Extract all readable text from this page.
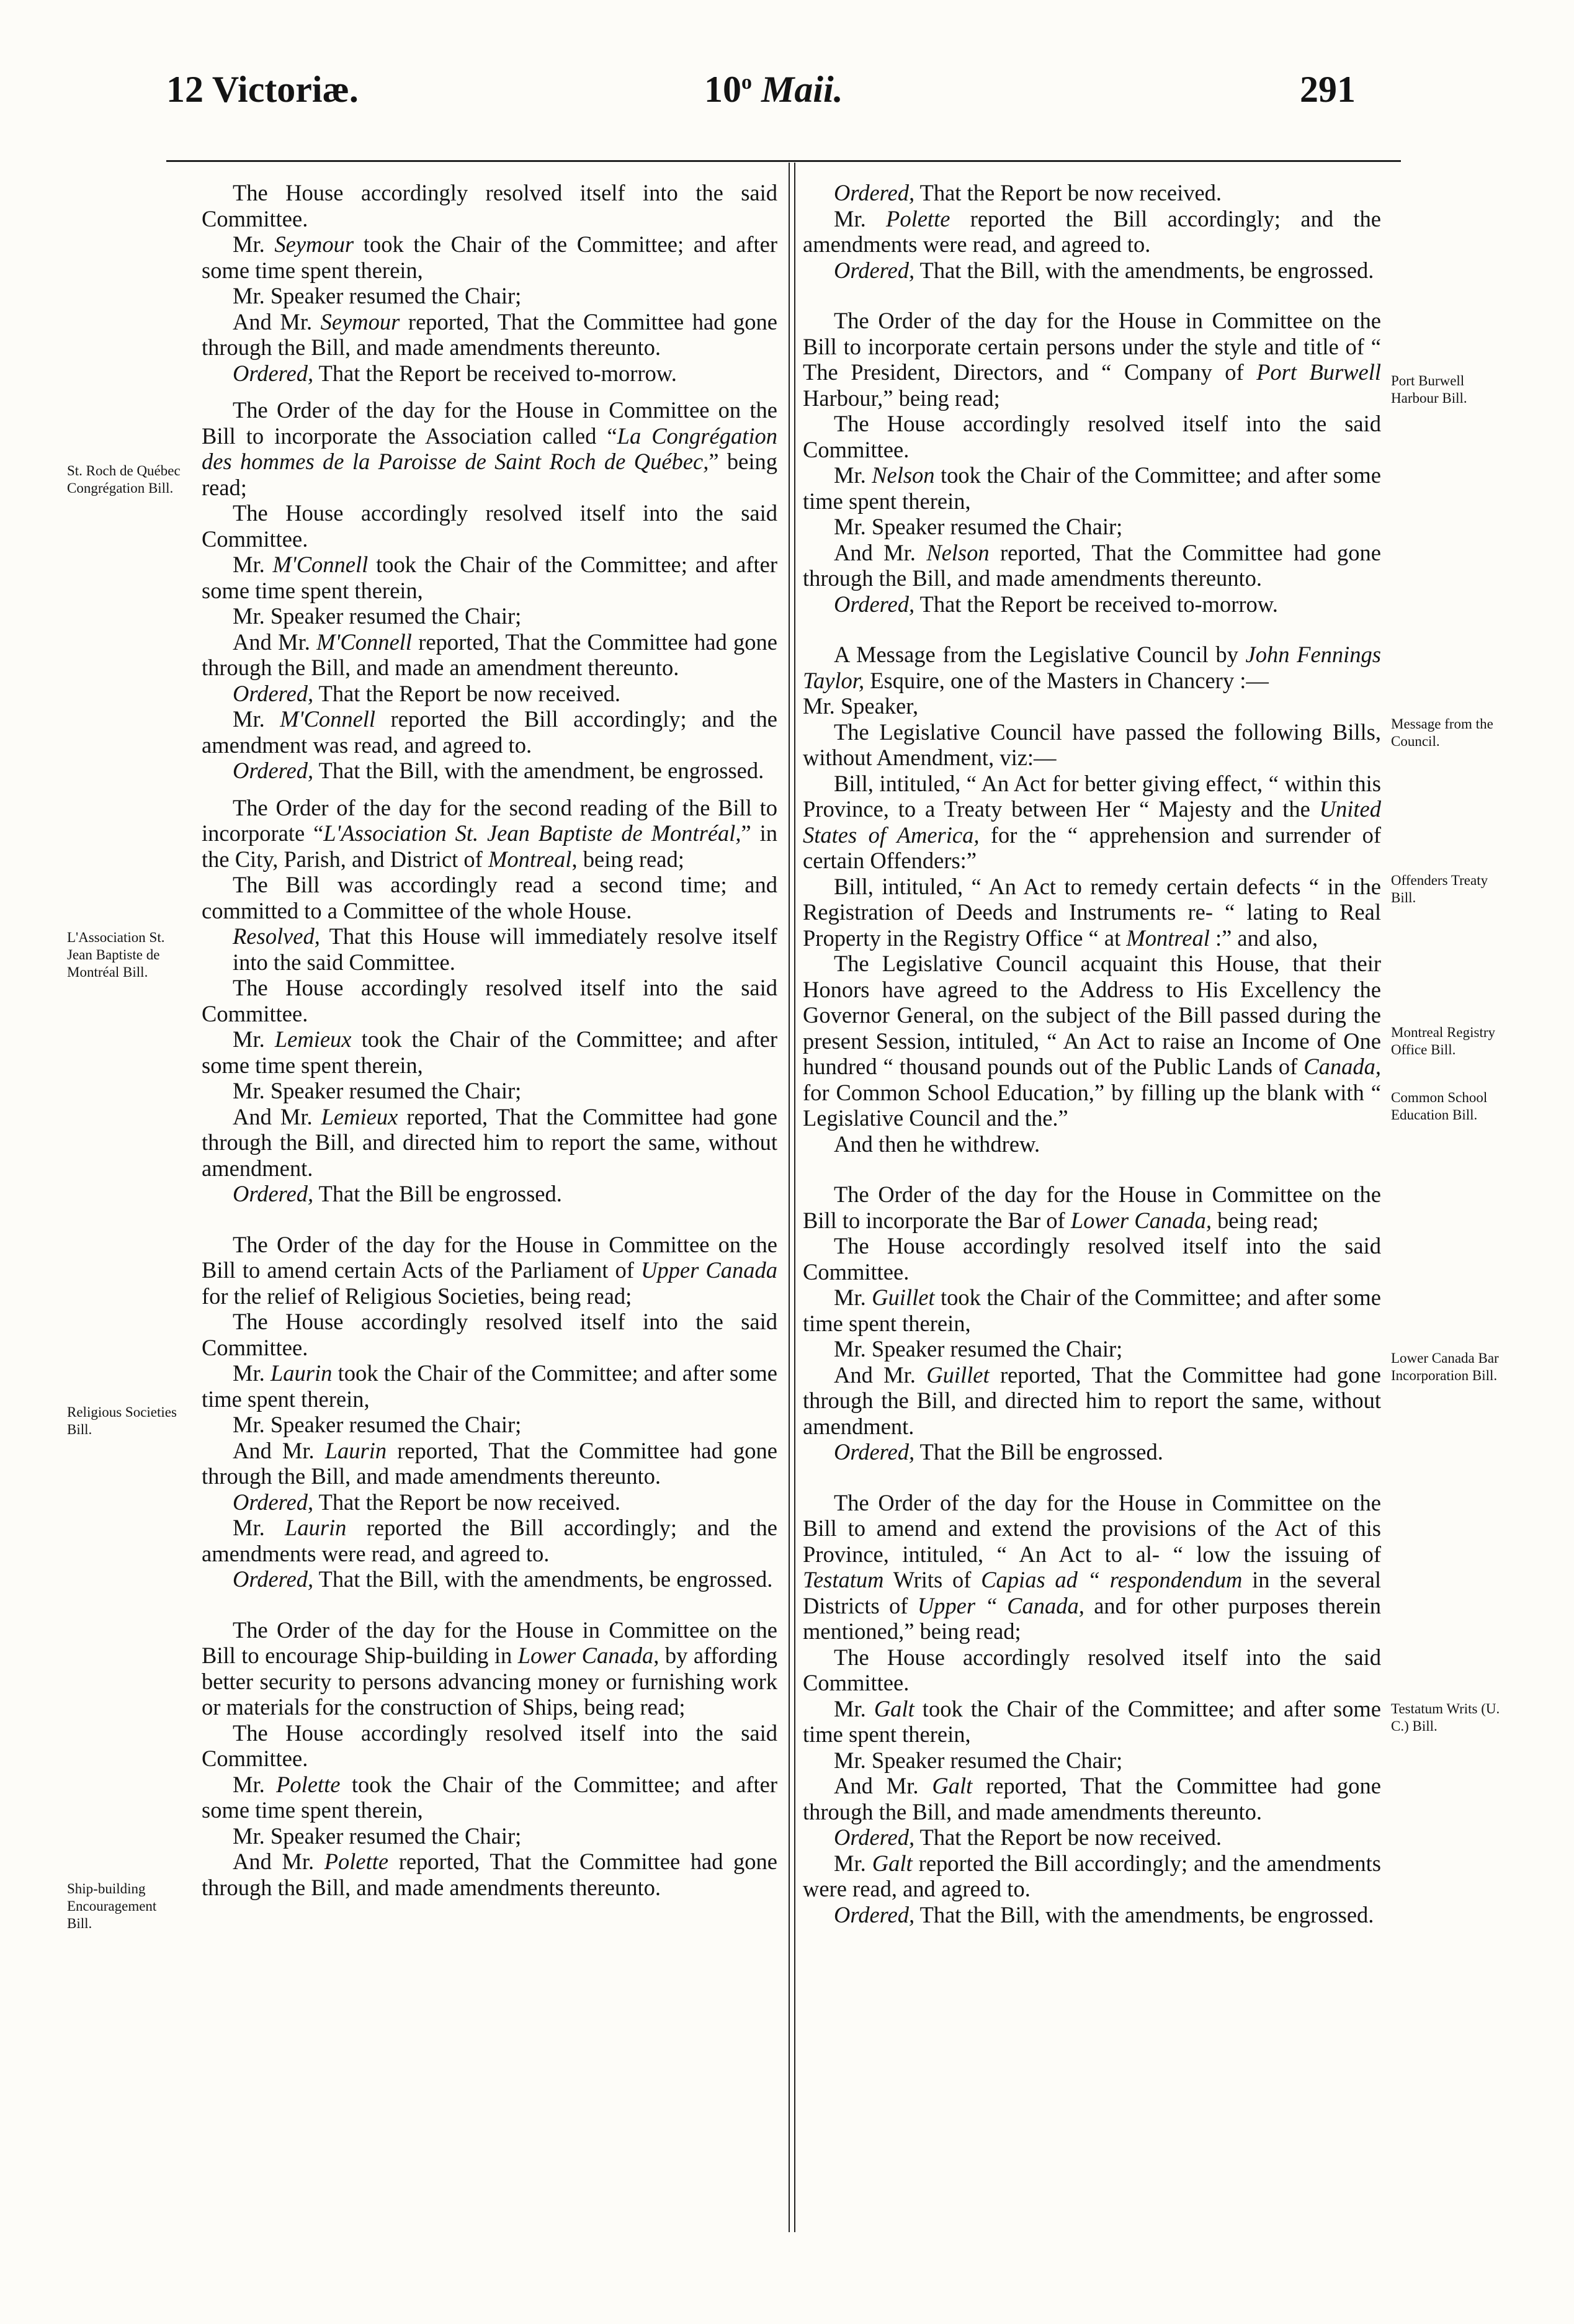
12 Victoriæ.	10$^o$ Maii.	291
St. Roch de Québec Congrégation Bill.
L'Association St. Jean Baptiste de Montréal Bill.
Religious Societies Bill.
Ship-building Encouragement Bill.
Port Burwell Harbour Bill.
Message from the Council.
Offenders Treaty Bill.
Montreal Registry Office Bill.
Common School Education Bill.
Lower Canada Bar Incorporation Bill.
Testatum Writs (U. C.) Bill.

The House accordingly resolved itself into the said Committee.

Mr. Seymour took the Chair of the Committee; and after some time spent therein,

Mr. Speaker resumed the Chair;

And Mr. Seymour reported, That the Committee had gone through the Bill, and made amendments thereunto.

Ordered, That the Report be received to-morrow.

The Order of the day for the House in Committee on the Bill to incorporate the Association called “La Congrégation des hommes de la Paroisse de Saint Roch de Québec,” being read;

The House accordingly resolved itself into the said Committee.

Mr. M'Connell took the Chair of the Committee; and after some time spent therein,

Mr. Speaker resumed the Chair;

And Mr. M'Connell reported, That the Committee had gone through the Bill, and made an amendment thereunto.

Ordered, That the Report be now received.

Mr. M'Connell reported the Bill accordingly; and the amendment was read, and agreed to.

Ordered, That the Bill, with the amendment, be engrossed.

The Order of the day for the second reading of the Bill to incorporate “L'Association St. Jean Baptiste de Montréal,” in the City, Parish, and District of Montreal, being read;

The Bill was accordingly read a second time; and committed to a Committee of the whole House.

Resolved, That this House will immediately resolve itself into the said Committee.

The House accordingly resolved itself into the said Committee.

Mr. Lemieux took the Chair of the Committee; and after some time spent therein,

Mr. Speaker resumed the Chair;

And Mr. Lemieux reported, That the Committee had gone through the Bill, and directed him to report the same, without amendment.

Ordered, That the Bill be engrossed.

The Order of the day for the House in Committee on the Bill to amend certain Acts of the Parliament of Upper Canada for the relief of Religious Societies, being read;

The House accordingly resolved itself into the said Committee.

Mr. Laurin took the Chair of the Committee; and after some time spent therein,

Mr. Speaker resumed the Chair;

And Mr. Laurin reported, That the Committee had gone through the Bill, and made amendments thereunto.

Ordered, That the Report be now received.

Mr. Laurin reported the Bill accordingly; and the amendments were read, and agreed to.

Ordered, That the Bill, with the amendments, be engrossed.

The Order of the day for the House in Committee on the Bill to encourage Ship-building in Lower Canada, by affording better security to persons advancing money or furnishing work or materials for the construction of Ships, being read;

The House accordingly resolved itself into the said Committee.

Mr. Polette took the Chair of the Committee; and after some time spent therein,

Mr. Speaker resumed the Chair;

And Mr. Polette reported, That the Committee had gone through the Bill, and made amendments thereunto.

Ordered, That the Report be now received.

Mr. Polette reported the Bill accordingly; and the amendments were read, and agreed to.

Ordered, That the Bill, with the amendments, be engrossed.

The Order of the day for the House in Committee on the Bill to incorporate certain persons under the style and title of “ The President, Directors, and “ Company of Port Burwell Harbour,” being read;

The House accordingly resolved itself into the said Committee.

Mr. Nelson took the Chair of the Committee; and after some time spent therein,

Mr. Speaker resumed the Chair;

And Mr. Nelson reported, That the Committee had gone through the Bill, and made amendments thereunto.

Ordered, That the Report be received to-morrow.

A Message from the Legislative Council by John Fennings Taylor, Esquire, one of the Masters in Chancery :—

Mr. Speaker,

The Legislative Council have passed the following Bills, without Amendment, viz:—

Bill, intituled, “ An Act for better giving effect, “ within this Province, to a Treaty between Her “ Majesty and the United States of America, for the “ apprehension and surrender of certain Offenders:”

Bill, intituled, “ An Act to remedy certain defects “ in the Registration of Deeds and Instruments re- “ lating to Real Property in the Registry Office “ at Montreal :” and also,

The Legislative Council acquaint this House, that their Honors have agreed to the Address to His Excellency the Governor General, on the subject of the Bill passed during the present Session, intituled, “ An Act to raise an Income of One hundred “ thousand pounds out of the Public Lands of Canada, for Common School Education,” by filling up the blank with “ Legislative Council and the.”

And then he withdrew.

The Order of the day for the House in Committee on the Bill to incorporate the Bar of Lower Canada, being read;

The House accordingly resolved itself into the said Committee.

Mr. Guillet took the Chair of the Committee; and after some time spent therein,

Mr. Speaker resumed the Chair;

And Mr. Guillet reported, That the Committee had gone through the Bill, and directed him to report the same, without amendment.

Ordered, That the Bill be engrossed.

The Order of the day for the House in Committee on the Bill to amend and extend the provisions of the Act of this Province, intituled, “ An Act to al- “ low the issuing of Testatum Writs of Capias ad “ respondendum in the several Districts of Upper “ Canada, and for other purposes therein mentioned,” being read;

The House accordingly resolved itself into the said Committee.

Mr. Galt took the Chair of the Committee; and after some time spent therein,

Mr. Speaker resumed the Chair;

And Mr. Galt reported, That the Committee had gone through the Bill, and made amendments thereunto.

Ordered, That the Report be now received.

Mr. Galt reported the Bill accordingly; and the amendments were read, and agreed to.

Ordered, That the Bill, with the amendments, be engrossed.
